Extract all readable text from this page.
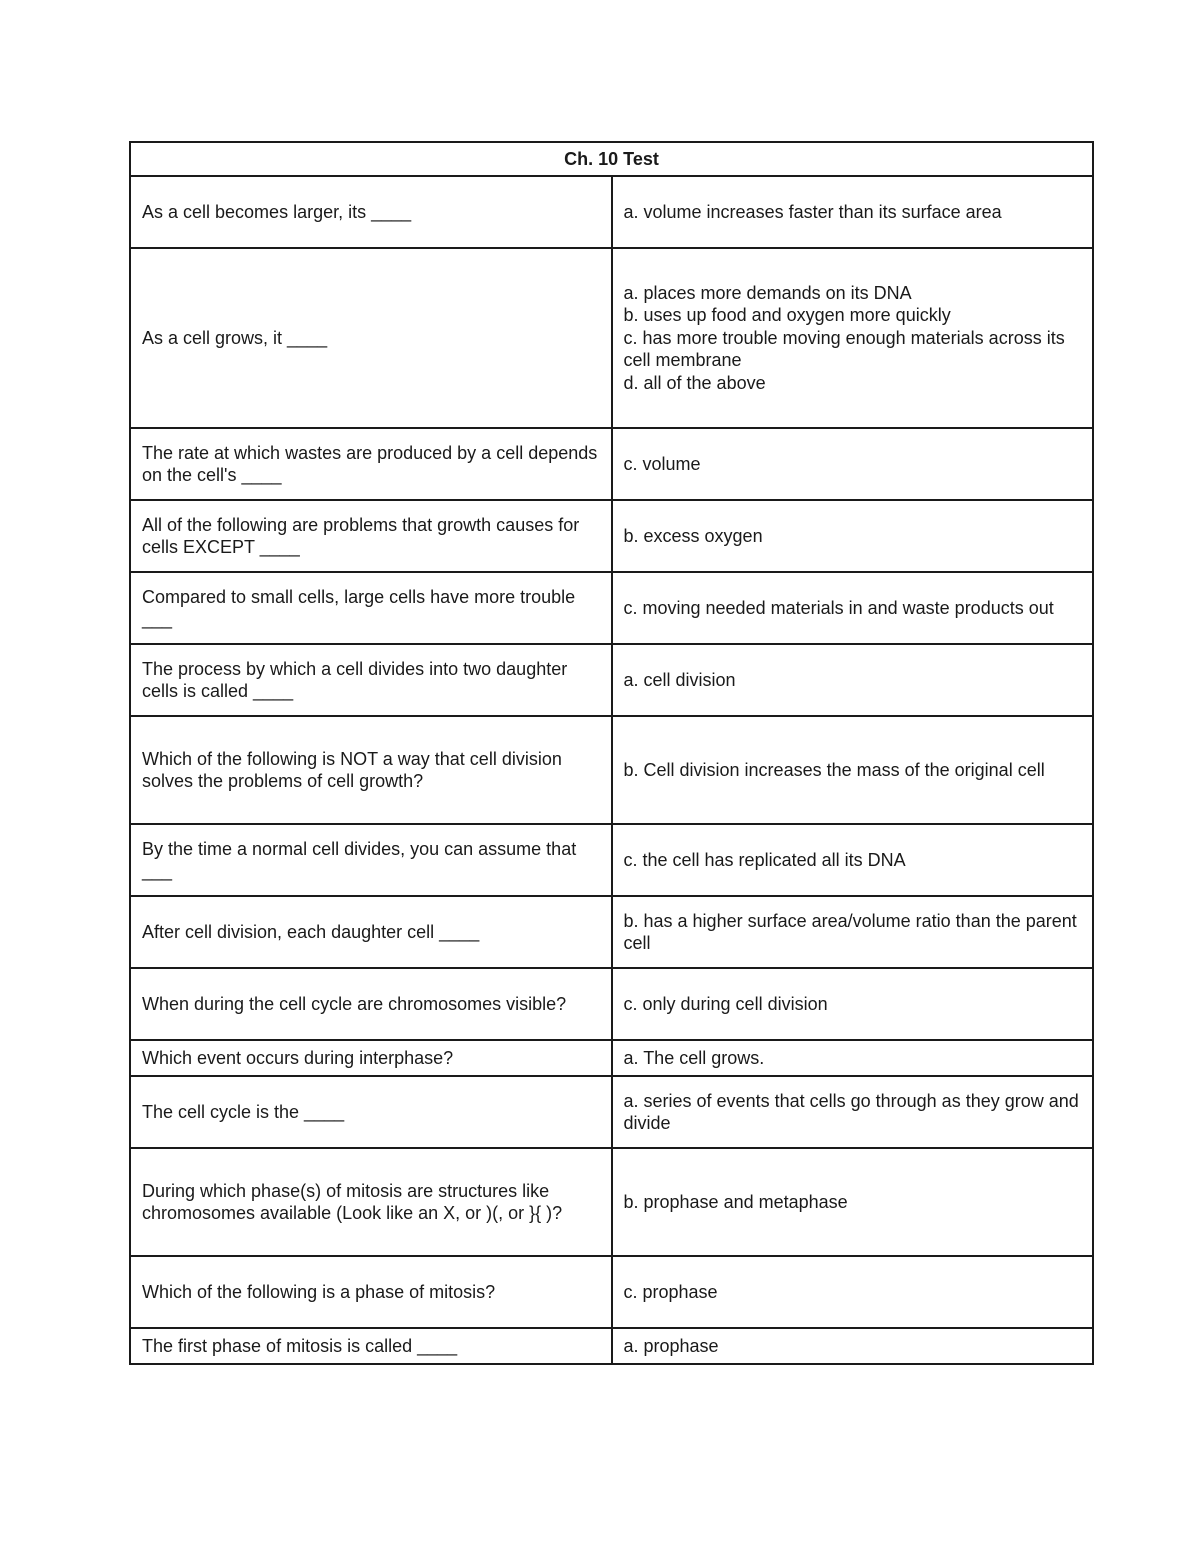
Ch. 10 Test	
As a cell becomes larger, its ____	a. volume increases faster than its surface area

As a cell grows, it ____	a. places more demands on its DNA
b. uses up food and oxygen more quickly
c. has more trouble moving enough materials across its cell membrane
d. all of the above

The rate at which wastes are produced by a cell depends on the cell's ____	c. volume

All of the following are problems that growth causes for cells EXCEPT ____	b. excess oxygen

Compared to small cells, large cells have more trouble ___	c. moving needed materials in and waste products out

The process by which a cell divides into two daughter cells is called ____	a. cell division

Which of the following is NOT a way that cell division solves the problems of cell growth?	b. Cell division increases the mass of the original cell

By the time a normal cell divides, you can assume that ___	c. the cell has replicated all its DNA

After cell division, each daughter cell ____	b. has a higher surface area/volume ratio than the parent cell

When during the cell cycle are chromosomes visible?	c. only during cell division

Which event occurs during interphase?	a. The cell grows.

The cell cycle is the ____	a. series of events that cells go through as they grow and divide

During which phase(s) of mitosis are structures like chromosomes available (Look like an X, or )(, or }{ )?	b. prophase and metaphase

Which of the following is a phase of mitosis?	c. prophase

The first phase of mitosis is called ____	a. prophase
